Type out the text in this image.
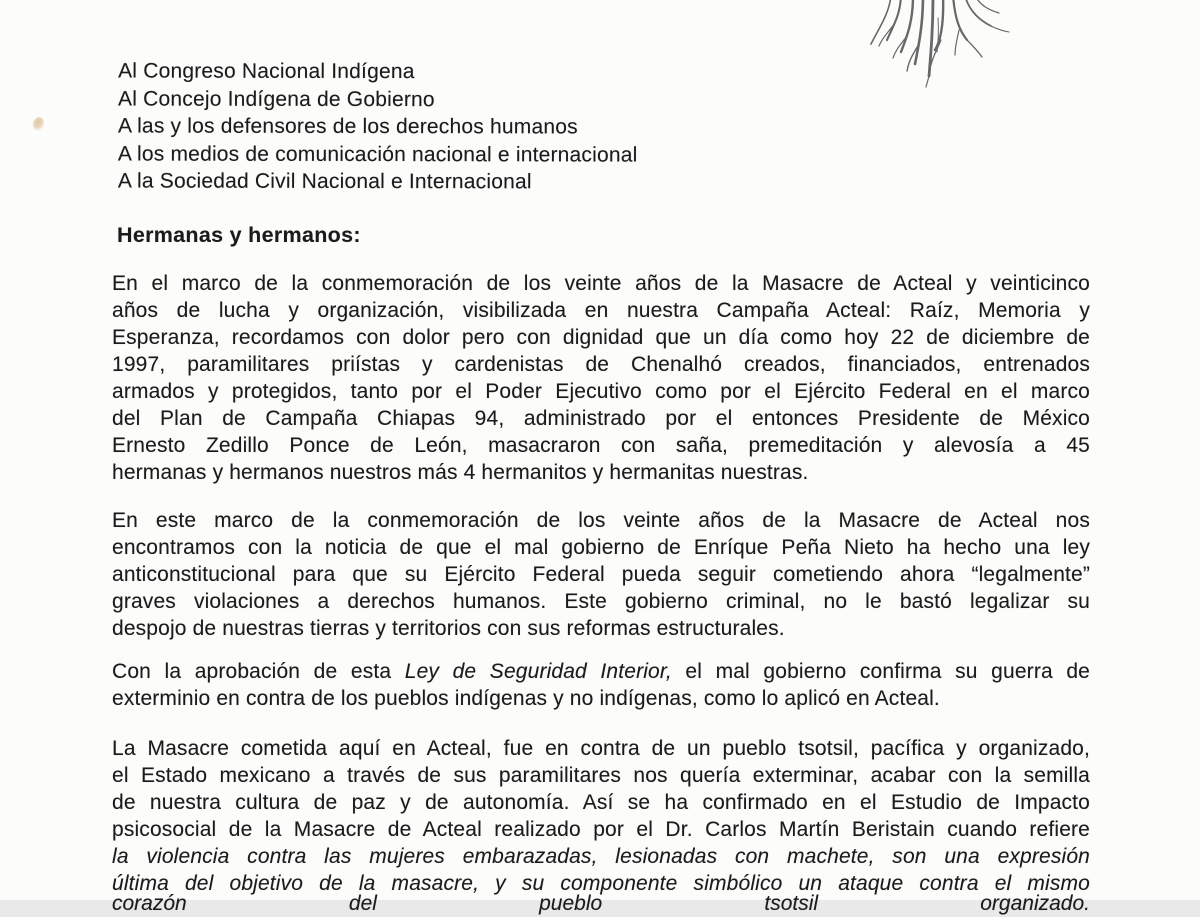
Al Congreso Nacional Indígena
Al Concejo Indígena de Gobierno
A las y los defensores de los derechos humanos
A los medios de comunicación nacional e internacional
A la Sociedad Civil Nacional e Internacional
Hermanas y hermanos:
En el marco de la conmemoración de los veinte años de la Masacre de Acteal y veinticinco
años de lucha y organización, visibilizada en nuestra Campaña Acteal: Raíz, Memoria y
Esperanza, recordamos con dolor pero con dignidad que un día como hoy 22 de diciembre de
1997, paramilitares priístas y cardenistas de Chenalhó creados, financiados, entrenados
armados y protegidos, tanto por el Poder Ejecutivo como por el Ejército Federal en el marco
del Plan de Campaña Chiapas 94, administrado por el entonces Presidente de México
Ernesto Zedillo Ponce de León, masacraron con saña, premeditación y alevosía a 45
hermanas y hermanos nuestros más 4 hermanitos y hermanitas nuestras.
En este marco de la conmemoración de los veinte años de la Masacre de Acteal nos
encontramos con la noticia de que el mal gobierno de Enríque Peña Nieto ha hecho una ley
anticonstitucional para que su Ejército Federal pueda seguir cometiendo ahora “legalmente”
graves violaciones a derechos humanos. Este gobierno criminal, no le bastó legalizar su
despojo de nuestras tierras y territorios con sus reformas estructurales.
Con la aprobación de esta Ley de Seguridad Interior, el mal gobierno confirma su guerra de
exterminio en contra de los pueblos indígenas y no indígenas, como lo aplicó en Acteal.
La Masacre cometida aquí en Acteal, fue en contra de un pueblo tsotsil, pacífica y organizado,
el Estado mexicano a través de sus paramilitares nos quería exterminar, acabar con la semilla
de nuestra cultura de paz y de autonomía. Así se ha confirmado en el Estudio de Impacto
psicosocial de la Masacre de Acteal realizado por el Dr. Carlos Martín Beristain cuando refiere
la violencia contra las mujeres embarazadas, lesionadas con machete, son una expresión
última del objetivo de la masacre, y su componente simbólico un ataque contra el mismo
corazón del pueblo tsotsil organizado.
